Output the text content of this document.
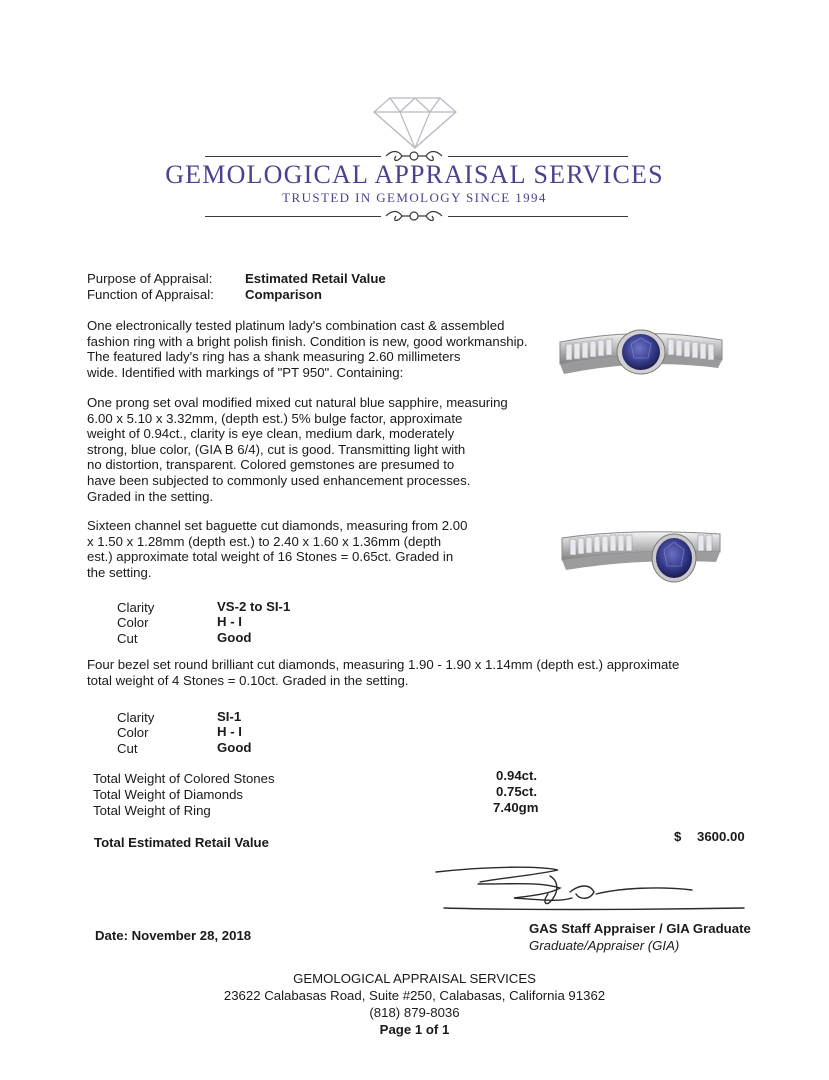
GEMOLOGICAL APPRAISAL SERVICES
TRUSTED IN GEMOLOGY SINCE 1994
Purpose of Appraisal: Estimated Retail Value
Function of Appraisal: Comparison
One electronically tested platinum lady's combination cast & assembled
fashion ring with a bright polish finish. Condition is new, good workmanship.
The featured lady's ring has a shank measuring 2.60 millimeters
wide. Identified with markings of "PT 950". Containing:
One prong set oval modified mixed cut natural blue sapphire, measuring
6.00 x 5.10 x 3.32mm, (depth est.) 5% bulge factor, approximate
weight of 0.94ct., clarity is eye clean, medium dark, moderately
strong, blue color, (GIA B 6/4), cut is good. Transmitting light with
no distortion, transparent. Colored gemstones are presumed to
have been subjected to commonly used enhancement processes.
Graded in the setting.
Sixteen channel set baguette cut diamonds, measuring from 2.00
x 1.50 x 1.28mm (depth est.) to 2.40 x 1.60 x 1.36mm (depth
est.) approximate total weight of 16 Stones = 0.65ct. Graded in
the setting.
Clarity	VS-2 to SI-1
Color	H - I
Cut	Good
Four bezel set round brilliant cut diamonds, measuring 1.90 - 1.90 x 1.14mm (depth est.) approximate
total weight of 4 Stones = 0.10ct. Graded in the setting.
Clarity	SI-1
Color	H - I
Cut	Good
Total Weight of Colored Stones	0.94ct.
Total Weight of Diamonds	0.75ct.
Total Weight of Ring	7.40gm
Total Estimated Retail Value	$ 3600.00
GAS Staff Appraiser / GIA Graduate
Graduate/Appraiser (GIA)
Date: November 28, 2018
GEMOLOGICAL APPRAISAL SERVICES
23622 Calabasas Road, Suite #250, Calabasas, California 91362
(818) 879-8036
Page 1 of 1
